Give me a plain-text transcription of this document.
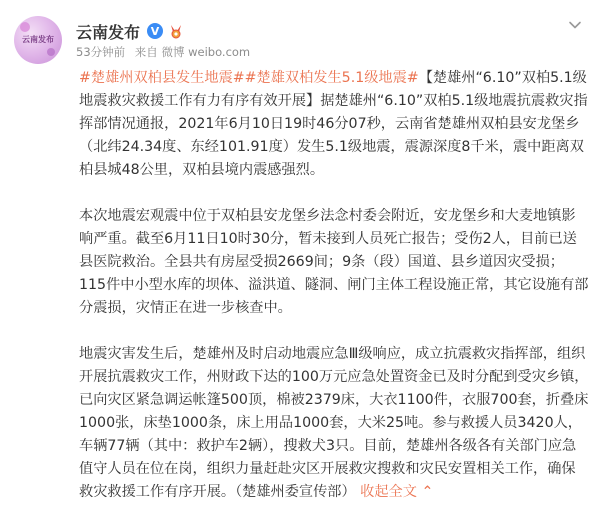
云南发布	云南发布 V
53分钟前 来自 微博 weibo.com

#楚雄州双柏县发生地震##楚雄双柏发生5.1级地震#【楚雄州“6.10”双柏5.1级地震救灾救援工作有力有序有效开展】据楚雄州“6.10”双柏5.1级地震抗震救灾指挥部情况通报，2021年6月10日19时46分07秒，云南省楚雄州双柏县安龙堡乡（北纬24.34度、东经101.91度）发生5.1级地震，震源深度8千米，震中距离双柏县城48公里，双柏县境内震感强烈。

本次地震宏观震中位于双柏县安龙堡乡法念村委会附近，安龙堡乡和大麦地镇影响严重。截至6月11日10时30分，暂未接到人员死亡报告；受伤2人，目前已送县医院救治。全县共有房屋受损2669间；9条（段）国道、县乡道因灾受损；115件中小型水库的坝体、溢洪道、隧洞、闸门主体工程设施正常，其它设施有部分震损，灾情正在进一步核查中。

地震灾害发生后，楚雄州及时启动地震应急Ⅲ级响应，成立抗震救灾指挥部，组织开展抗震救灾工作，州财政下达的100万元应急处置资金已及时分配到受灾乡镇，已向灾区紧急调运帐篷500顶，棉被2379床，大衣1100件，衣服700套，折叠床1000张，床垫1000条，床上用品1000套，大米25吨。参与救援人员3420人，车辆77辆（其中：救护车2辆），搜救犬3只。目前，楚雄州各级各有关部门应急值守人员在位在岗，组织力量赶赴灾区开展救灾搜救和灾民安置相关工作，确保救灾救援工作有序开展。（楚雄州委宣传部） 收起全文 ⌃
